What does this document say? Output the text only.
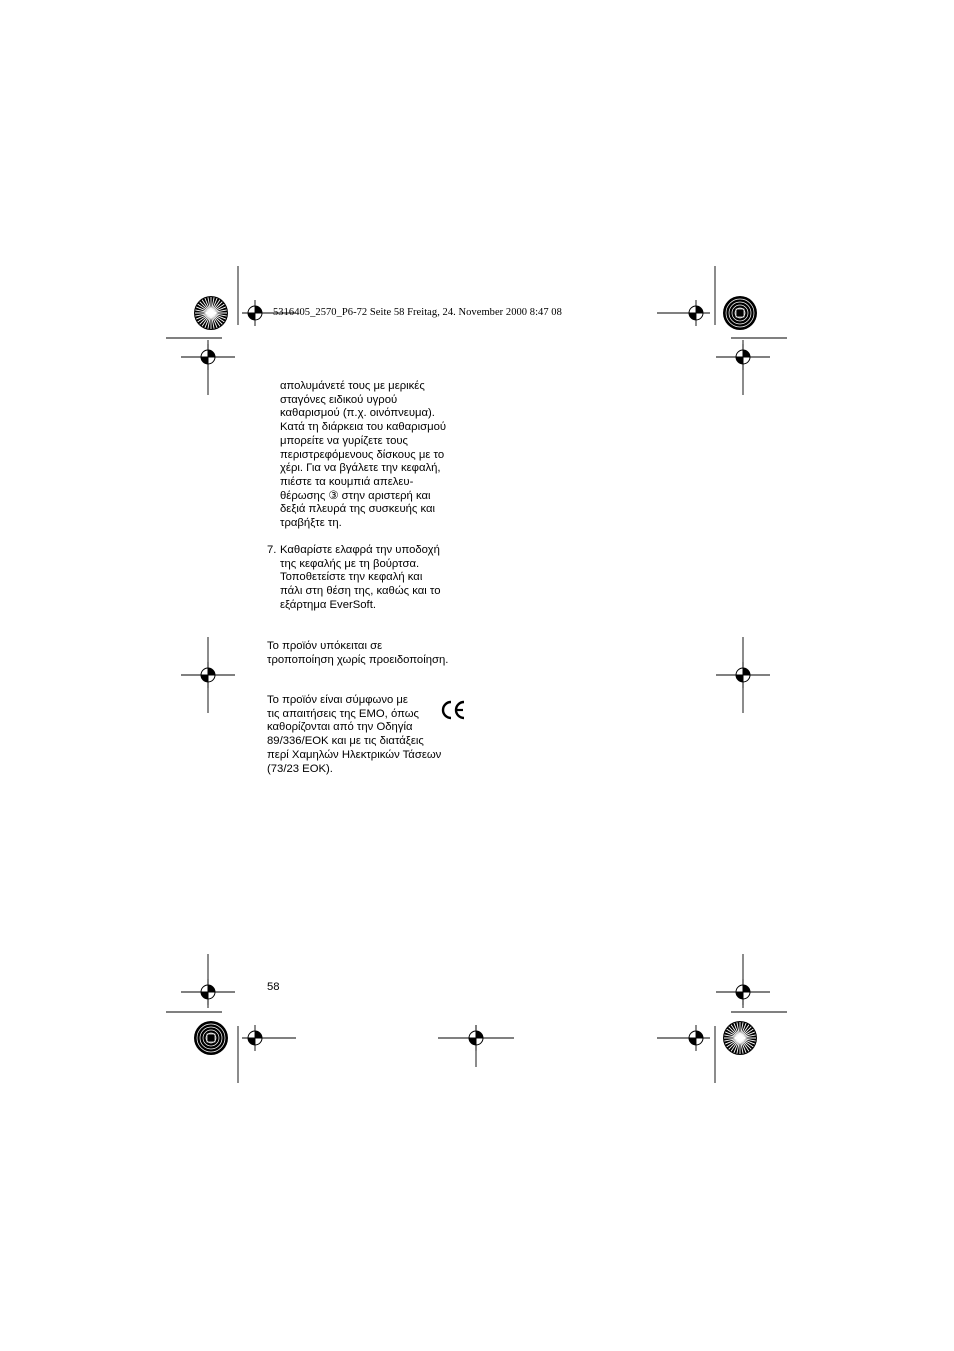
5316405_2570_P6-72 Seite 58 Freitag, 24. November 2000 8:47 08
απολυμάνετέ τους με μερικές
σταγόνες ειδικού υγρού
καθαρισμού (π.χ. οινόπνευμα).
Κατά τη διάρκεια του καθαρισμού
μπορείτε να γυρίζετε τους
περιστρεφόμενους δίσκους με το
χέρι. Για να βγάλετε την κεφαλή,
πιέστε τα κουμπιά απελευ-
θέρωσης ③ στην αριστερή και
δεξιά πλευρά της συσκευής και
τραβήξτε τη.
7. Καθαρίστε ελαφρά την υποδοχή
της κεφαλής με τη βούρτσα.
Τοποθετείστε την κεφαλή και
πάλι στη θέση της, καθώς και το
εξάρτημα EverSoft.
Το προϊόν υπόκειται σε
τροποποίηση χωρίς προειδοποίηση.
Το προϊόν είναι σύμφωνο με
τις απαιτήσεις της ΕΜΟ, όπως
καθορίζονται από την Οδηγία
89/336/ΕΟΚ και με τις διατάξεις
περί Χαμηλών Ηλεκτρικών Τάσεων
(73/23 ΕΟΚ).
58
